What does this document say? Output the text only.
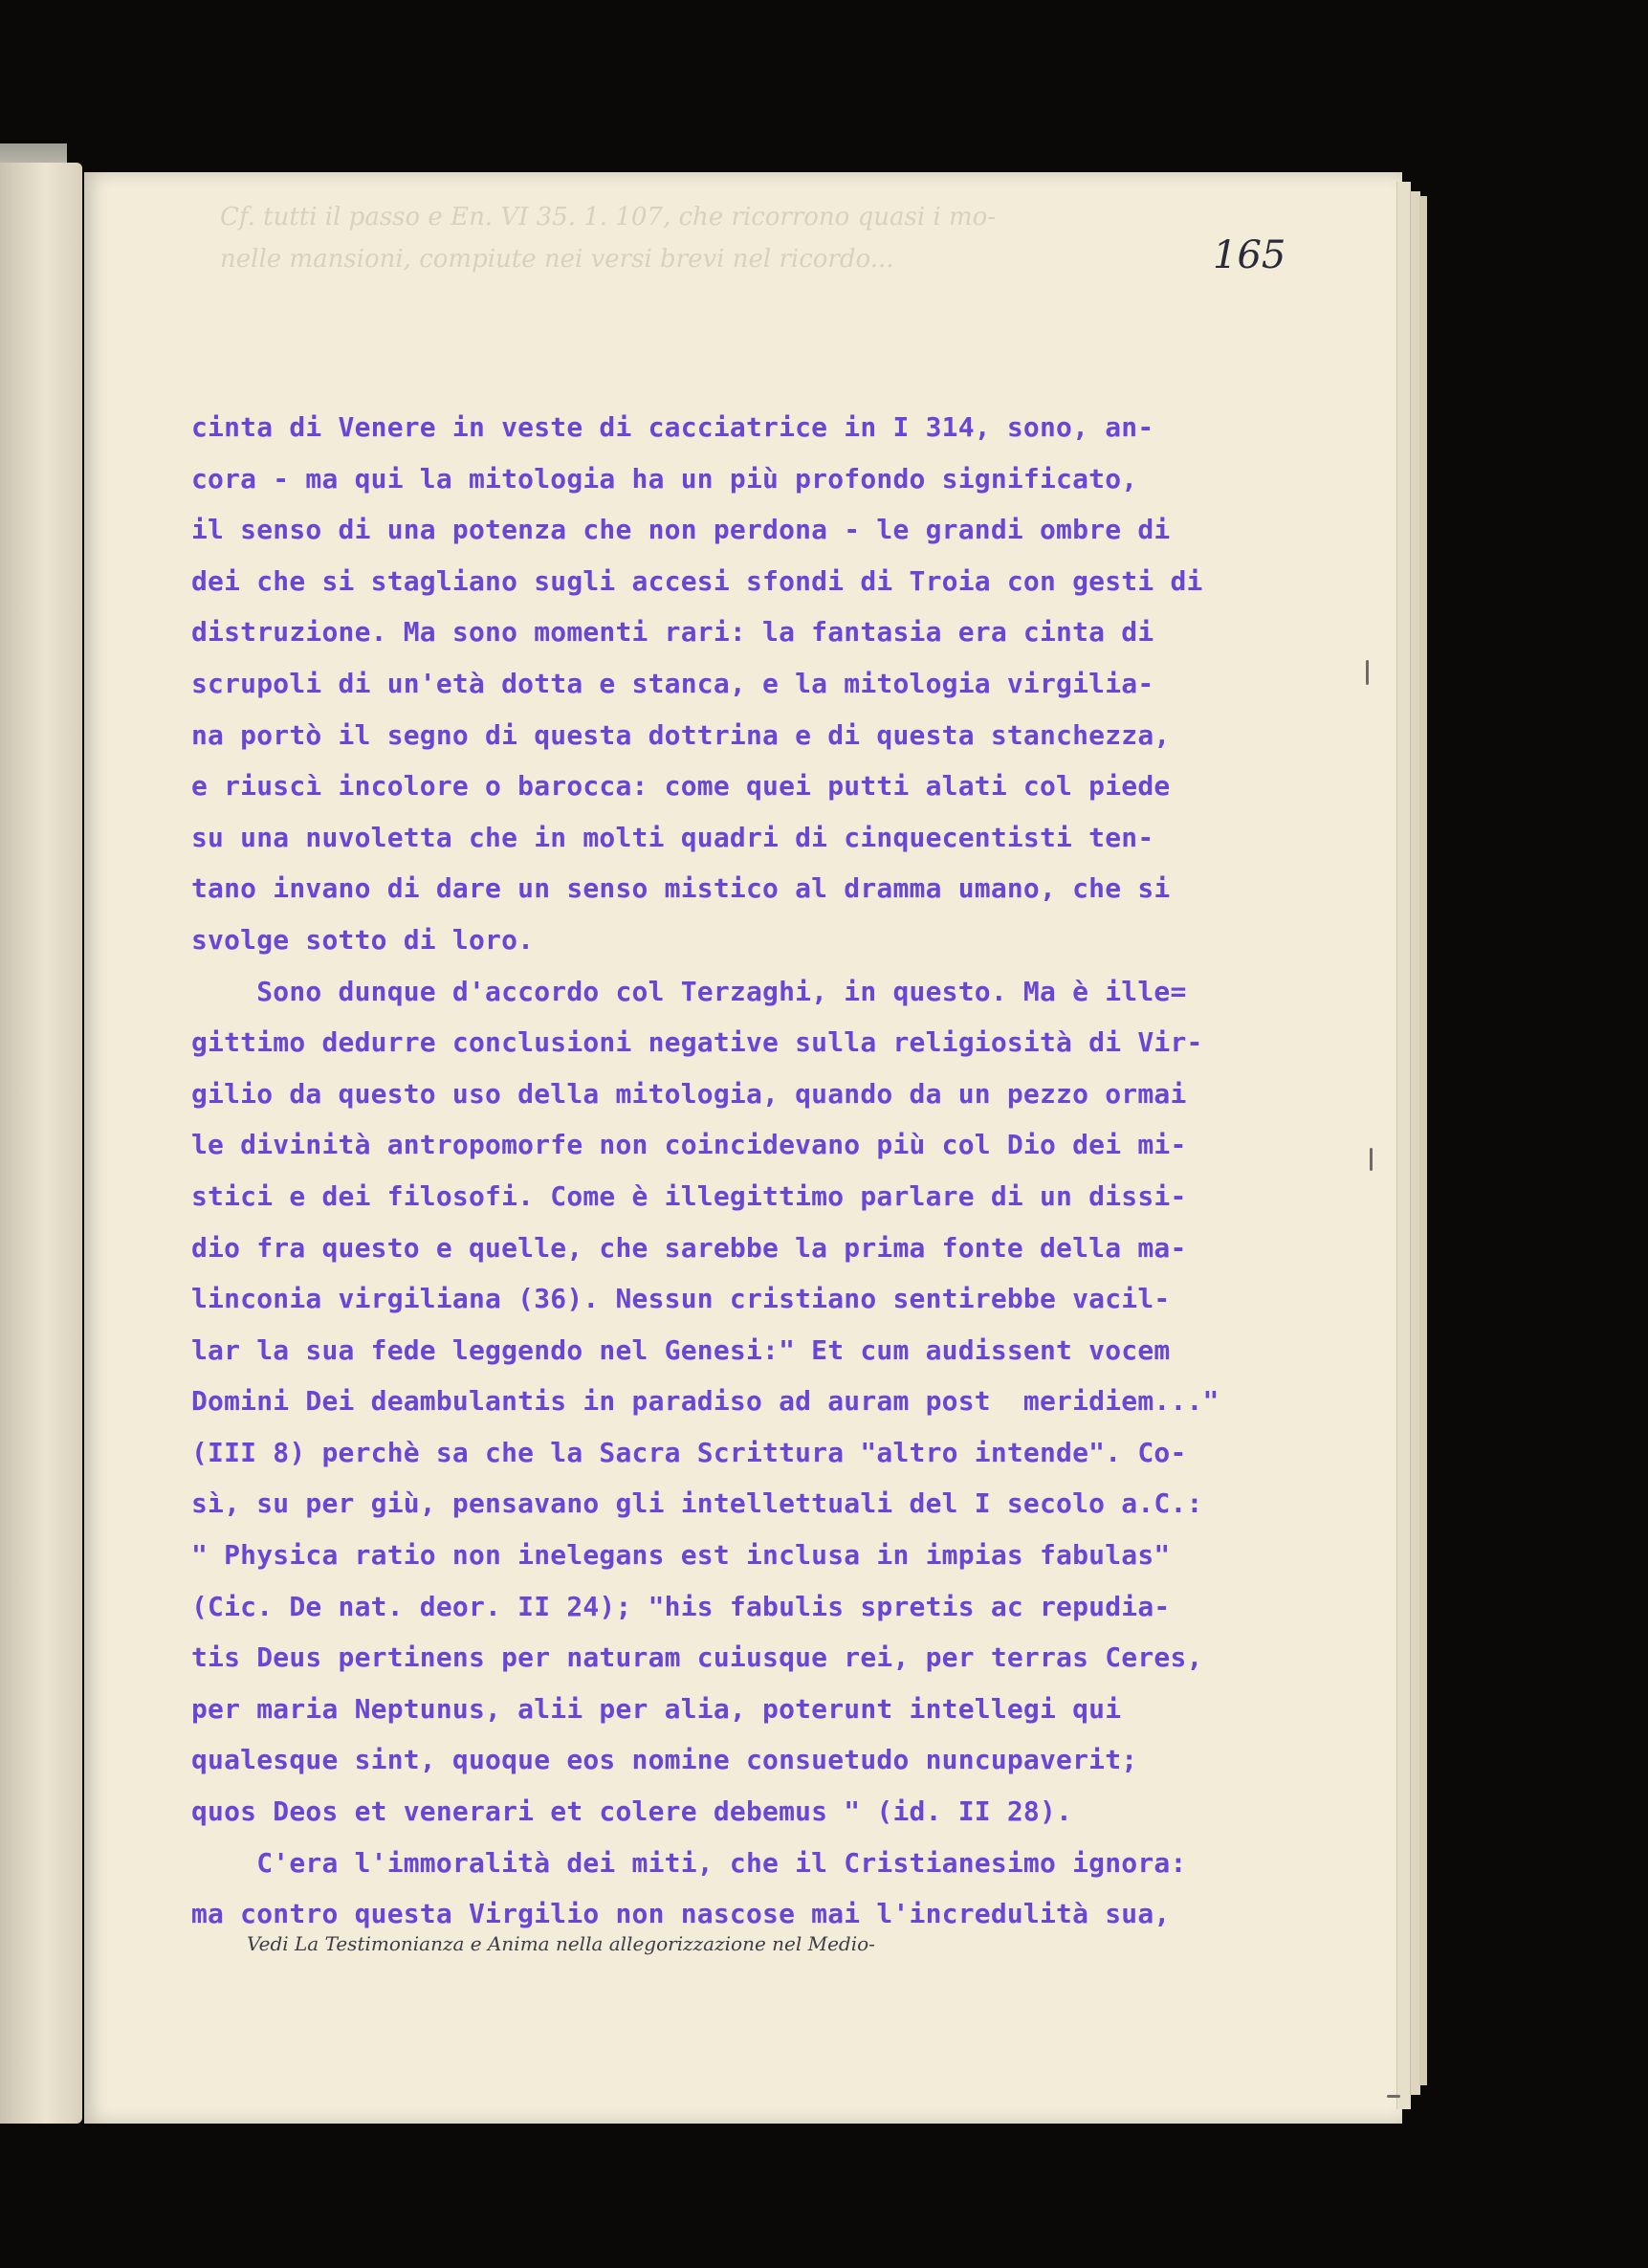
Cf. tutti il passo e En. VI 35. 1. 107, che ricorrono quasi i mo-
nelle mansioni, compiute nei versi brevi nel ricordo...	165
cinta di Venere in veste di cacciatrice in I 314, sono, an-
cora - ma qui la mitologia ha un più profondo significato,
il senso di una potenza che non perdona - le grandi ombre di
dei che si stagliano sugli accesi sfondi di Troia con gesti di
distruzione. Ma sono momenti rari: la fantasia era cinta di
scrupoli di un'età dotta e stanca, e la mitologia virgilia-
na portò il segno di questa dottrina e di questa stanchezza,
e riuscì incolore o barocca: come quei putti alati col piede
su una nuvoletta che in molti quadri di cinquecentisti ten-
tano invano di dare un senso mistico al dramma umano, che si
svolge sotto di loro.
Sono dunque d'accordo col Terzaghi, in questo. Ma è ille=
gittimo dedurre conclusioni negative sulla religiosità di Vir-
gilio da questo uso della mitologia, quando da un pezzo ormai
le divinità antropomorfe non coincidevano più col Dio dei mi-
stici e dei filosofi. Come è illegittimo parlare di un dissi-
dio fra questo e quelle, che sarebbe la prima fonte della ma-
linconia virgiliana (36). Nessun cristiano sentirebbe vacil-
lar la sua fede leggendo nel Genesi:" Et cum audissent vocem
Domini Dei deambulantis in paradiso ad auram post  meridiem..."
(III 8) perchè sa che la Sacra Scrittura "altro intende". Co-
sì, su per giù, pensavano gli intellettuali del I secolo a.C.:
" Physica ratio non inelegans est inclusa in impias fabulas"
(Cic. De nat. deor. II 24); "his fabulis spretis ac repudia-
tis Deus pertinens per naturam cuiusque rei, per terras Ceres,
per maria Neptunus, alii per alia, poterunt intellegi qui
qualesque sint, quoque eos nomine consuetudo nuncupaverit;
quos Deos et venerari et colere debemus " (id. II 28).
C'era l'immoralità dei miti, che il Cristianesimo ignora:
ma contro questa Virgilio non nascose mai l'incredulità sua,
Vedi La Testimonianza e Anima nella allegorizzazione nel Medio-
